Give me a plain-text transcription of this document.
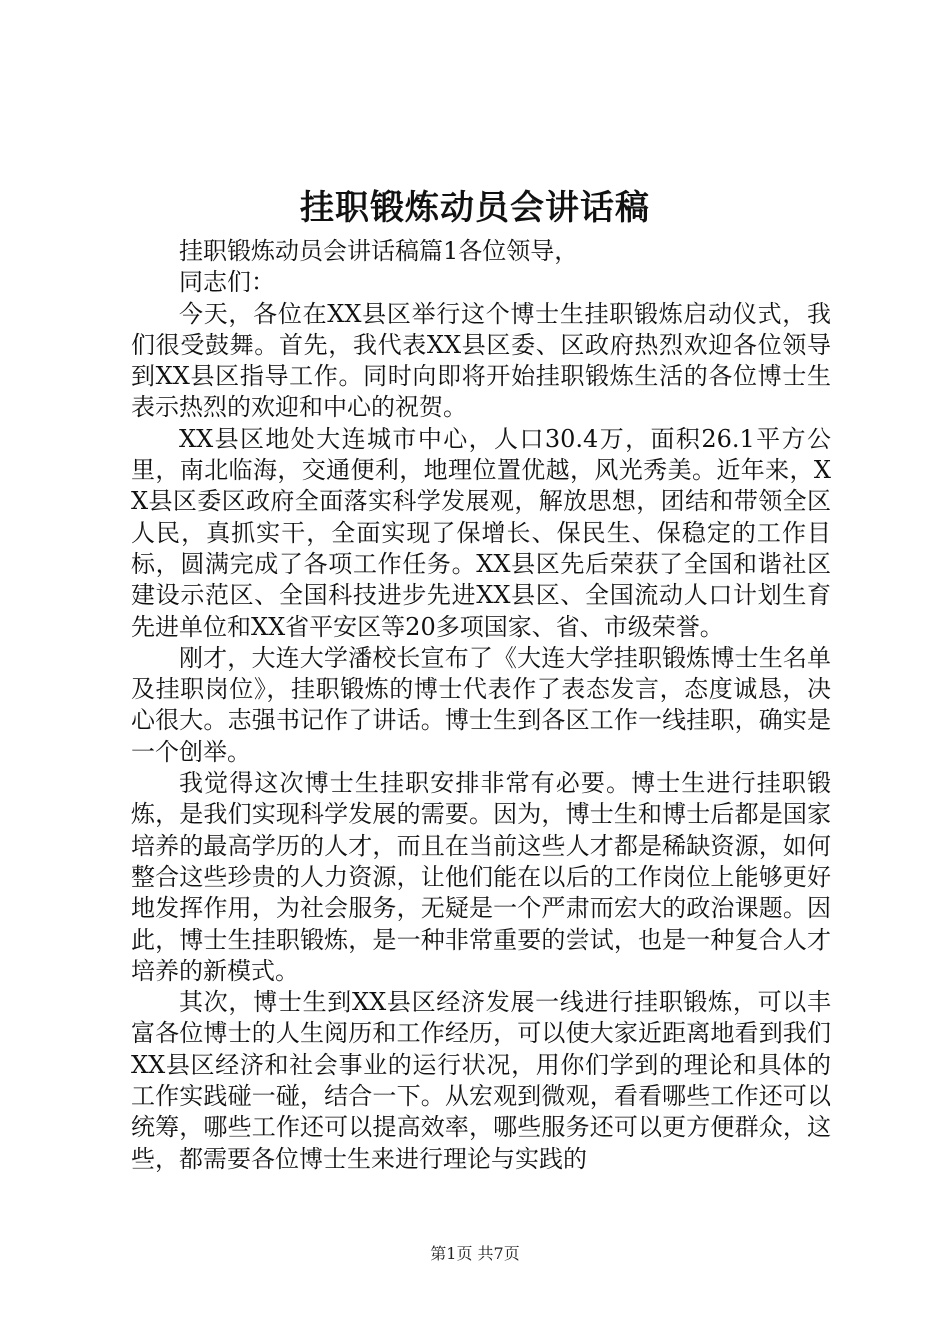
挂职锻炼动员会讲话稿

挂职锻炼动员会讲话稿篇1各位领导，

同志们：

今天，各位在XX县区举行这个博士生挂职锻炼启动仪式，我们很受鼓舞。首先，我代表XX县区委、区政府热烈欢迎各位领导到XX县区指导工作。同时向即将开始挂职锻炼生活的各位博士生表示热烈的欢迎和中心的祝贺。

XX县区地处大连城市中心，人口30.4万，面积26.1平方公里，南北临海，交通便利，地理位置优越，风光秀美。近年来，XX县区委区政府全面落实科学发展观，解放思想，团结和带领全区人民，真抓实干，全面实现了保增长、保民生、保稳定的工作目标，圆满完成了各项工作任务。XX县区先后荣获了全国和谐社区建设示范区、全国科技进步先进XX县区、全国流动人口计划生育先进单位和XX省平安区等20多项国家、省、市级荣誉。

刚才，大连大学潘校长宣布了《大连大学挂职锻炼博士生名单及挂职岗位》，挂职锻炼的博士代表作了表态发言，态度诚恳，决心很大。志强书记作了讲话。博士生到各区工作一线挂职，确实是一个创举。

我觉得这次博士生挂职安排非常有必要。博士生进行挂职锻炼，是我们实现科学发展的需要。因为，博士生和博士后都是国家培养的最高学历的人才，而且在当前这些人才都是稀缺资源，如何整合这些珍贵的人力资源，让他们能在以后的工作岗位上能够更好地发挥作用，为社会服务，无疑是一个严肃而宏大的政治课题。因此，博士生挂职锻炼，是一种非常重要的尝试，也是一种复合人才培养的新模式。

其次，博士生到XX县区经济发展一线进行挂职锻炼，可以丰富各位博士的人生阅历和工作经历，可以使大家近距离地看到我们XX县区经济和社会事业的运行状况，用你们学到的理论和具体的工作实践碰一碰，结合一下。从宏观到微观，看看哪些工作还可以统筹，哪些工作还可以提高效率，哪些服务还可以更方便群众，这些，都需要各位博士生来进行理论与实践的

第1页 共7页
